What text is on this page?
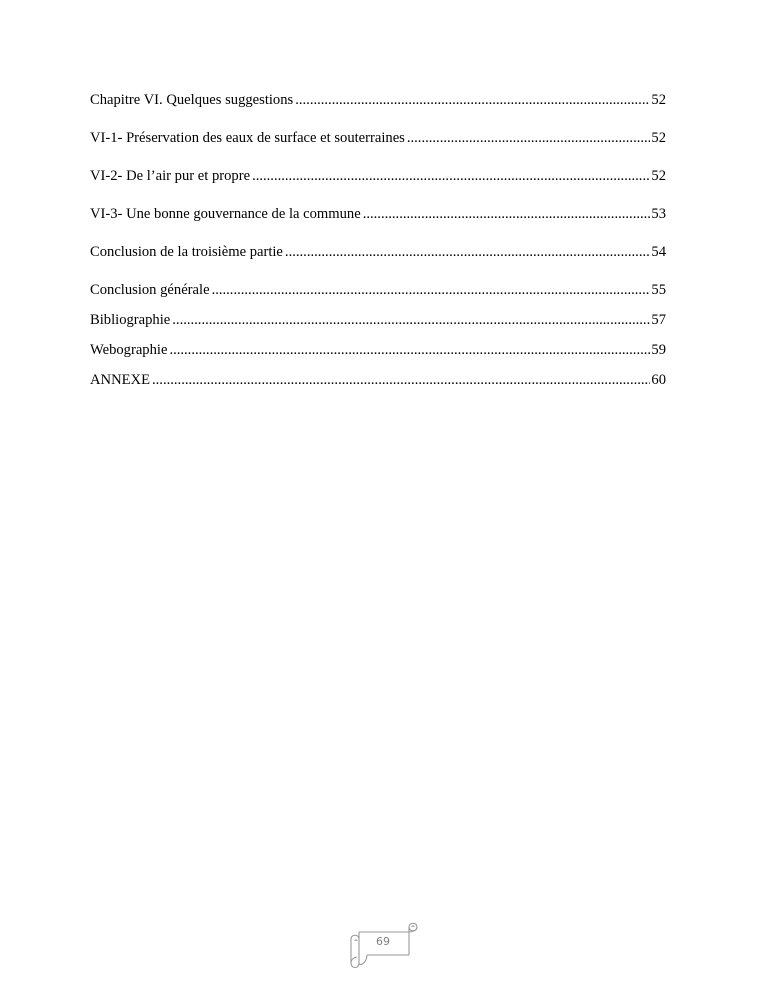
Chapitre VI. Quelques suggestions .....	52
VI-1- Préservation des eaux de surface et souterraines .....	52
VI-2- De l’air pur et propre .....	52
VI-3- Une bonne gouvernance de la commune .....	53
Conclusion de la troisième partie .....	54
Conclusion générale .....	55
Bibliographie .....	57
Webographie .....	59
ANNEXE .....	60
69
